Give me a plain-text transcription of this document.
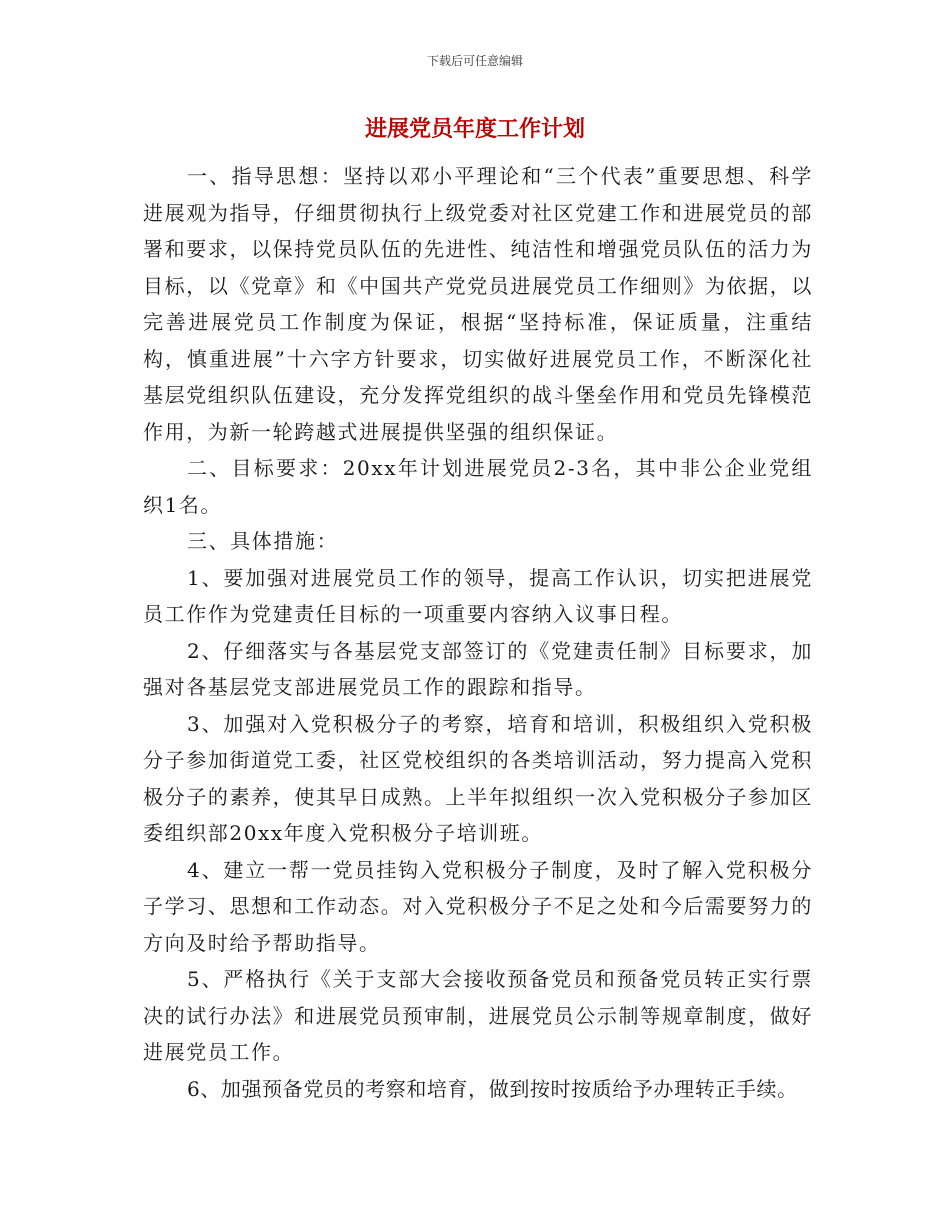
下载后可任意编辑
进展党员年度工作计划

一、指导思想：坚持以邓小平理论和“三个代表”重要思想、科学进展观为指导，仔细贯彻执行上级党委对社区党建工作和进展党员的部署和要求，以保持党员队伍的先进性、纯洁性和增强党员队伍的活力为目标，以《党章》和《中国共产党党员进展党员工作细则》为依据，以完善进展党员工作制度为保证，根据“坚持标准，保证质量，注重结构，慎重进展”十六字方针要求，切实做好进展党员工作，不断深化社基层党组织队伍建设，充分发挥党组织的战斗堡垒作用和党员先锋模范作用，为新一轮跨越式进展提供坚强的组织保证。

二、目标要求：20xx年计划进展党员2-3名，其中非公企业党组织1名。

三、具体措施：

1、要加强对进展党员工作的领导，提高工作认识，切实把进展党员工作作为党建责任目标的一项重要内容纳入议事日程。

2、仔细落实与各基层党支部签订的《党建责任制》目标要求，加强对各基层党支部进展党员工作的跟踪和指导。

3、加强对入党积极分子的考察，培育和培训，积极组织入党积极分子参加街道党工委，社区党校组织的各类培训活动，努力提高入党积极分子的素养，使其早日成熟。上半年拟组织一次入党积极分子参加区委组织部20xx年度入党积极分子培训班。

4、建立一帮一党员挂钩入党积极分子制度，及时了解入党积极分子学习、思想和工作动态。对入党积极分子不足之处和今后需要努力的方向及时给予帮助指导。

5、严格执行《关于支部大会接收预备党员和预备党员转正实行票决的试行办法》和进展党员预审制，进展党员公示制等规章制度，做好进展党员工作。

6、加强预备党员的考察和培育，做到按时按质给予办理转正手续。
